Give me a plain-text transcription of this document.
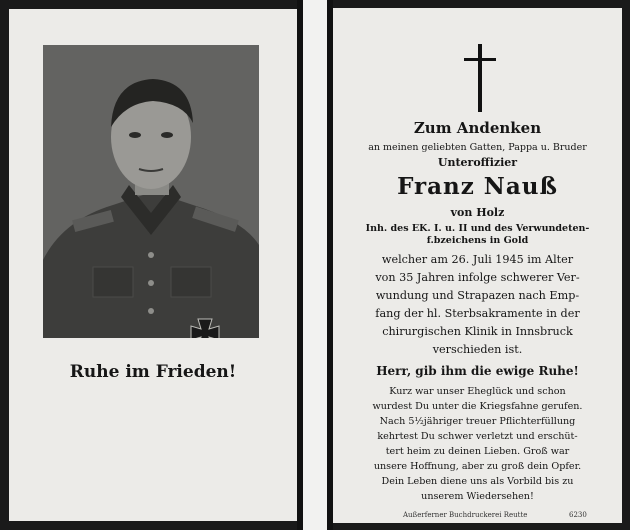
Ruhe im Frieden!
Zum Andenken
an meinen geliebten Gatten, Pappa u. Bruder
Unteroffizier
Franz Nauß
von Holz
Inh. des EK. I. u. II und des Verwundeten-
f.bzeichens in Gold
welcher am 26. Juli 1945 im Alter
von 35 Jahren infolge schwerer Ver-
wundung und Strapazen nach Emp-
fang der hl. Sterbsakramente in der
chirurgischen Klinik in Innsbruck
verschieden ist.
Herr, gib ihm die ewige Ruhe!
Kurz war unser Eheglück und schon
wurdest Du unter die Kriegsfahne gerufen.
Nach 5½jähriger treuer Pflichterfüllung
kehrtest Du schwer verletzt und erschüt-
tert heim zu deinen Lieben. Groß war
unsere Hoffnung, aber zu groß dein Opfer.
Dein Leben diene uns als Vorbild bis zu
unserem Wiedersehen!
Außerferner Buchdruckerei Reutte	6230
